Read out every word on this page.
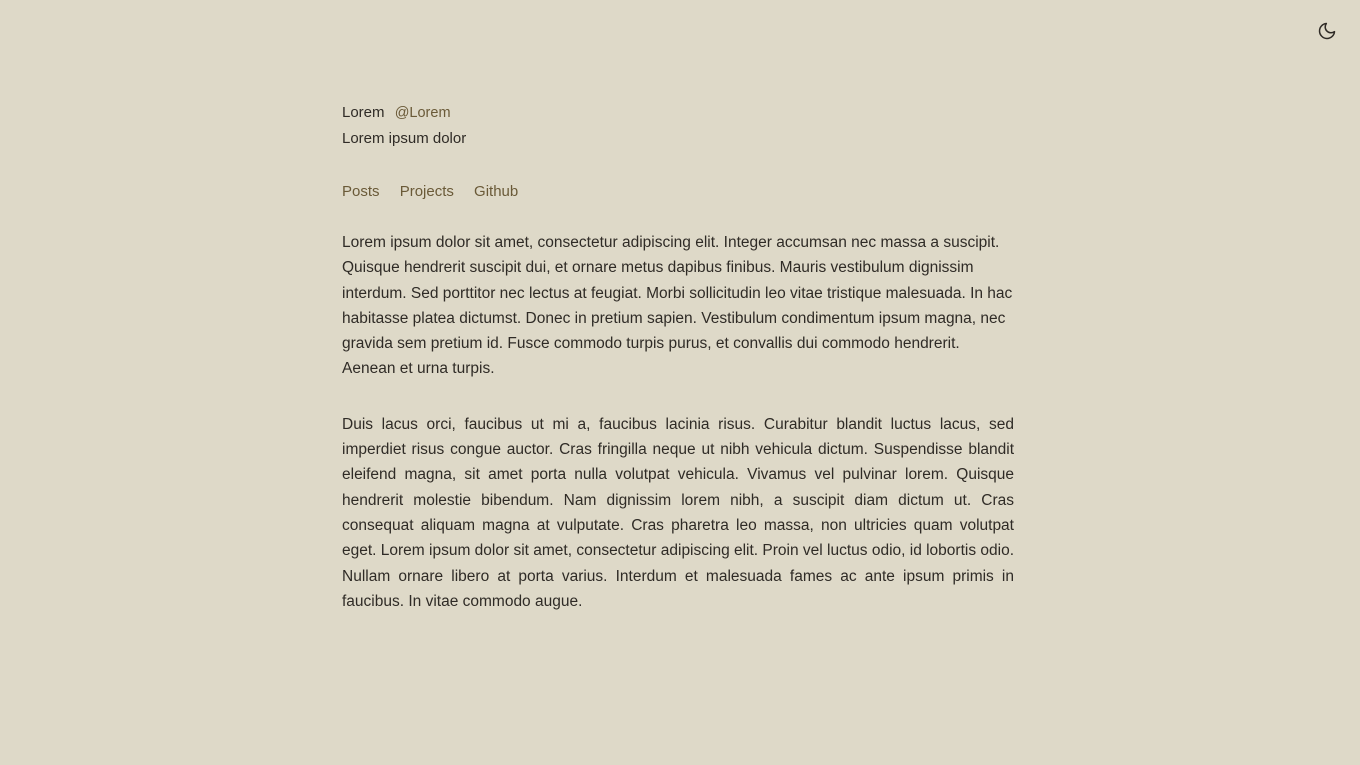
Lorem @Lorem
Lorem ipsum dolor
Posts Projects Github

Lorem ipsum dolor sit amet, consectetur adipiscing elit. Integer accumsan nec massa a suscipit. Quisque hendrerit suscipit dui, et ornare metus dapibus finibus. Mauris vestibulum dignissim interdum. Sed porttitor nec lectus at feugiat. Morbi sollicitudin leo vitae tristique malesuada. In hac habitasse platea dictumst. Donec in pretium sapien. Vestibulum condimentum ipsum magna, nec gravida sem pretium id. Fusce commodo turpis purus, et convallis dui commodo hendrerit. Aenean et urna turpis.

Duis lacus orci, faucibus ut mi a, faucibus lacinia risus. Curabitur blandit luctus lacus, sed imperdiet risus congue auctor. Cras fringilla neque ut nibh vehicula dictum. Suspendisse blandit eleifend magna, sit amet porta nulla volutpat vehicula. Vivamus vel pulvinar lorem. Quisque hendrerit molestie bibendum. Nam dignissim lorem nibh, a suscipit diam dictum ut. Cras consequat aliquam magna at vulputate. Cras pharetra leo massa, non ultricies quam volutpat eget. Lorem ipsum dolor sit amet, consectetur adipiscing elit. Proin vel luctus odio, id lobortis odio. Nullam ornare libero at porta varius. Interdum et malesuada fames ac ante ipsum primis in faucibus. In vitae commodo augue.
